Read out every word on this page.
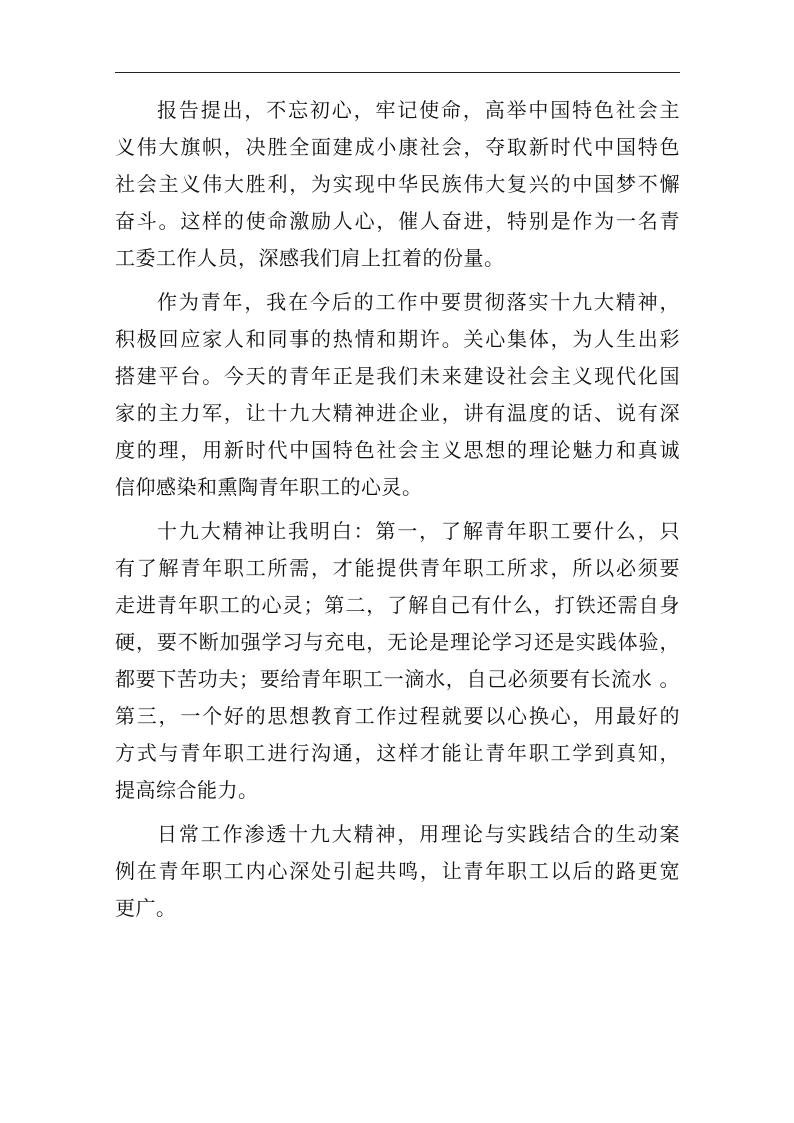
报告提出，不忘初心，牢记使命，高举中国特色社会主
义伟大旗帜，决胜全面建成小康社会，夺取新时代中国特色
社会主义伟大胜利，为实现中华民族伟大复兴的中国梦不懈
奋斗。这样的使命激励人心，催人奋进，特别是作为一名青
工委工作人员，深感我们肩上扛着的份量。
作为青年，我在今后的工作中要贯彻落实十九大精神，
积极回应家人和同事的热情和期许。关心集体，为人生出彩
搭建平台。今天的青年正是我们未来建设社会主义现代化国
家的主力军，让十九大精神进企业，讲有温度的话、说有深
度的理，用新时代中国特色社会主义思想的理论魅力和真诚
信仰感染和熏陶青年职工的心灵。
十九大精神让我明白：第一，了解青年职工要什么，只
有了解青年职工所需，才能提供青年职工所求，所以必须要
走进青年职工的心灵；第二，了解自己有什么，打铁还需自身
硬，要不断加强学习与充电，无论是理论学习还是实践体验，
都要下苦功夫；要给青年职工一滴水，自己必须要有长流水 。
第三，一个好的思想教育工作过程就要以心换心，用最好的
方式与青年职工进行沟通，这样才能让青年职工学到真知，
提高综合能力。
日常工作渗透十九大精神，用理论与实践结合的生动案
例在青年职工内心深处引起共鸣，让青年职工以后的路更宽
更广。
